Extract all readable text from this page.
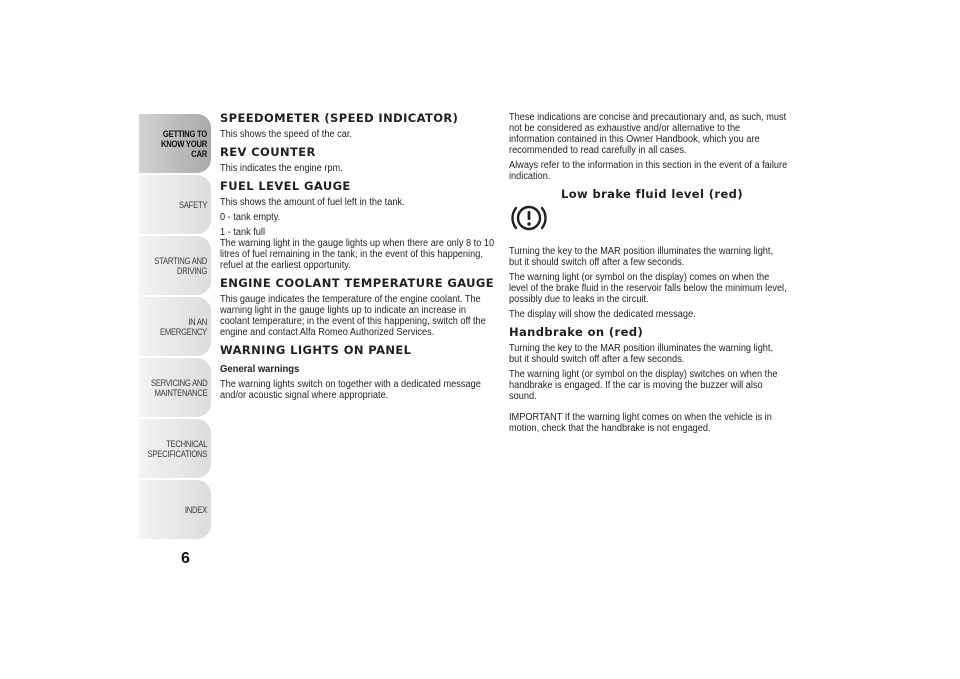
GETTING TO
KNOW YOUR CAR
SAFETY
STARTING AND
DRIVING
IN AN EMERGENCY
SERVICING AND
MAINTENANCE
TECHNICAL
SPECIFICATIONS
INDEX
6
SPEEDOMETER (SPEED INDICATOR)

This shows the speed of the car.

REV COUNTER

This indicates the engine rpm.

FUEL LEVEL GAUGE

This shows the amount of fuel left in the tank.

0 - tank empty.

1 - tank full

The warning light in the gauge lights up when there are only 8 to 10 litres of fuel remaining in the tank; in the event of this happening, refuel at the earliest opportunity.

ENGINE COOLANT TEMPERATURE GAUGE

This gauge indicates the temperature of the engine coolant. The warning light in the gauge lights up to indicate an increase in coolant temperature; in the event of this happening, switch off the engine and contact Alfa Romeo Authorized Services.

WARNING LIGHTS ON PANEL
General warnings

The warning lights switch on together with a dedicated message and/or acoustic signal where appropriate.

These indications are concise and precautionary and, as such, must not be considered as exhaustive and/or alternative to the information contained in this Owner Handbook, which you are recommended to read carefully in all cases.

Always refer to the information in this section in the event of a failure indication.

Low brake fluid level (red)

Turning the key to the MAR position illuminates the warning light, but it should switch off after a few seconds.

The warning light (or symbol on the display) comes on when the level of the brake fluid in the reservoir falls below the minimum level, possibly due to leaks in the circuit.

The display will show the dedicated message.

Handbrake on (red)

Turning the key to the MAR position illuminates the warning light, but it should switch off after a few seconds.

The warning light (or symbol on the display) switches on when the handbrake is engaged. If the car is moving the buzzer will also sound.

IMPORTANT If the warning light comes on when the vehicle is in motion, check that the handbrake is not engaged.
